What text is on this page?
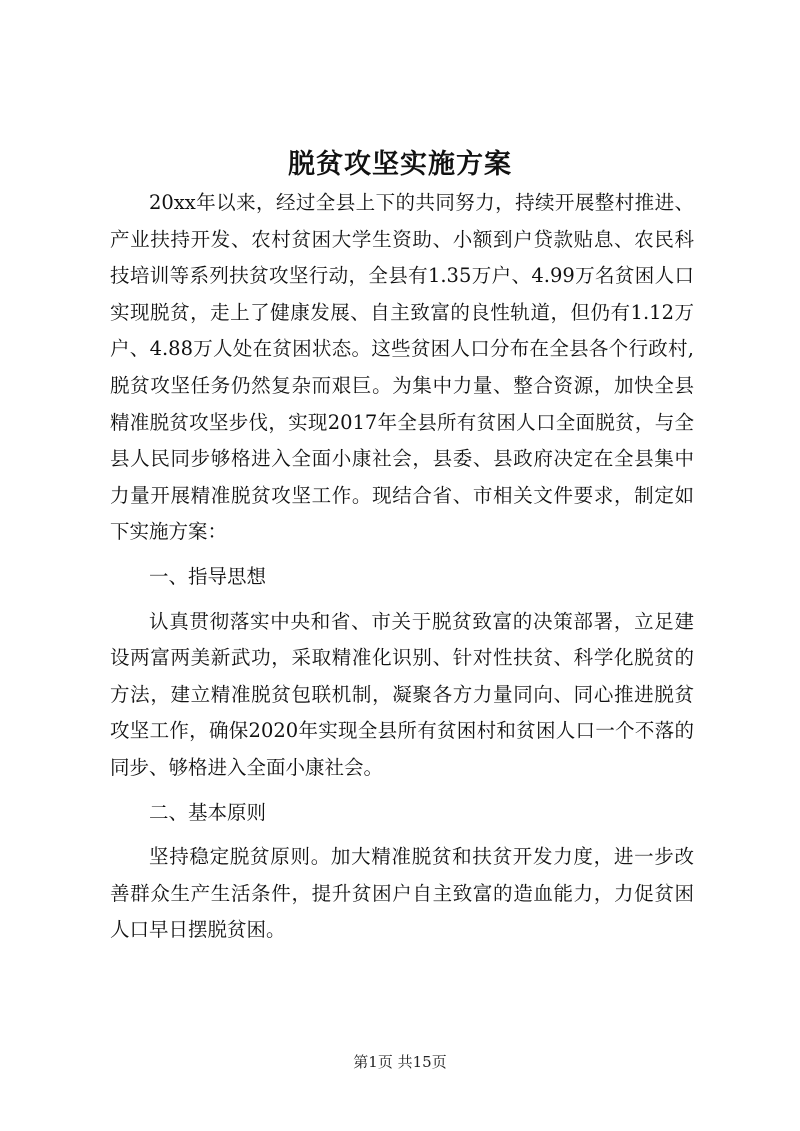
脱贫攻坚实施方案

20xx年以来，经过全县上下的共同努力，持续开展整村推进、产业扶持开发、农村贫困大学生资助、小额到户贷款贴息、农民科技培训等系列扶贫攻坚行动，全县有1.35万户、4.99万名贫困人口实现脱贫，走上了健康发展、自主致富的良性轨道，但仍有1.12万户、4.88万人处在贫困状态。这些贫困人口分布在全县各个行政村,脱贫攻坚任务仍然复杂而艰巨。为集中力量、整合资源，加快全县精准脱贫攻坚步伐，实现2017年全县所有贫困人口全面脱贫，与全县人民同步够格进入全面小康社会，县委、县政府决定在全县集中力量开展精准脱贫攻坚工作。现结合省、市相关文件要求，制定如下实施方案：

一、指导思想

认真贯彻落实中央和省、市关于脱贫致富的决策部署，立足建设两富两美新武功，采取精准化识别、针对性扶贫、科学化脱贫的方法，建立精准脱贫包联机制，凝聚各方力量同向、同心推进脱贫攻坚工作，确保2020年实现全县所有贫困村和贫困人口一个不落的同步、够格进入全面小康社会。

二、基本原则

坚持稳定脱贫原则。加大精准脱贫和扶贫开发力度，进一步改善群众生产生活条件，提升贫困户自主致富的造血能力，力促贫困人口早日摆脱贫困。

第1页 共15页
